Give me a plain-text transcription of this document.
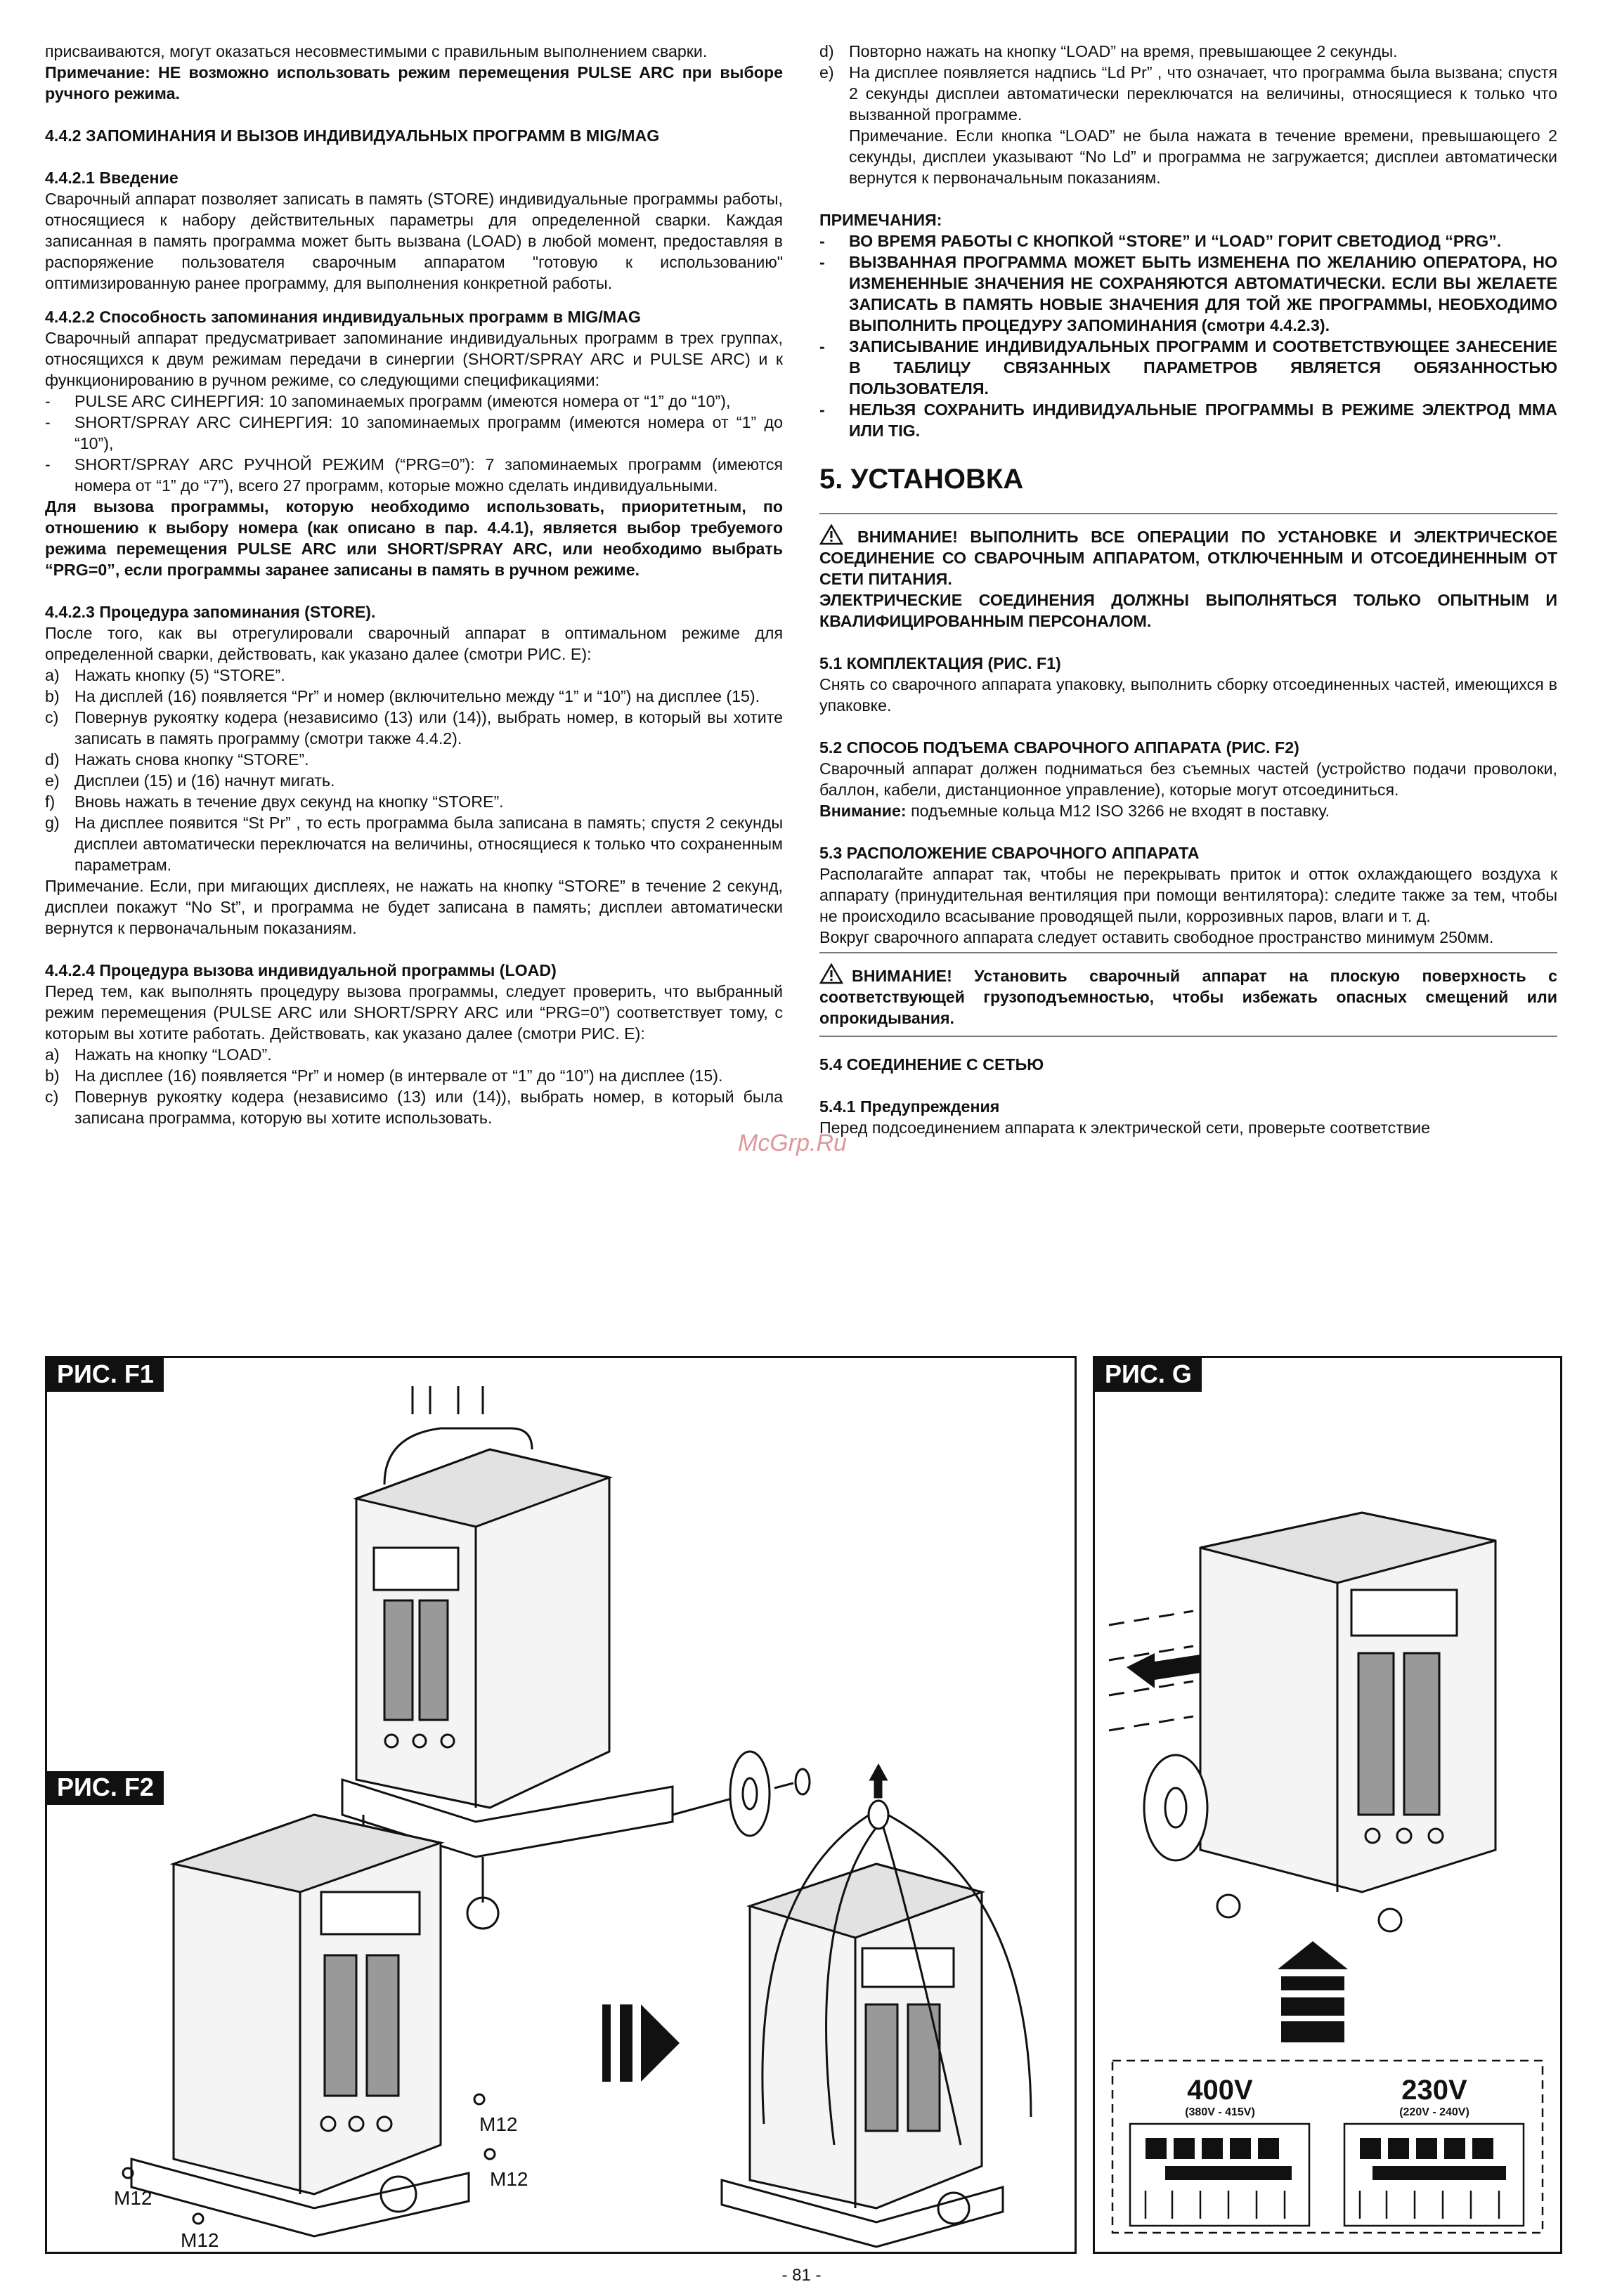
присваиваются, могут оказаться несовместимыми с правильным выполнением сварки.

Примечание: НЕ возможно использовать режим перемещения PULSE ARC при выборе ручного режима.

4.4.2 ЗАПОМИНАНИЯ И ВЫЗОВ ИНДИВИДУАЛЬНЫХ ПРОГРАММ В MIG/MAG

4.4.2.1 Введение

Сварочный аппарат позволяет записать в память (STORE) индивидуальные программы работы, относящиеся к набору действительных параметры для определенной сварки. Каждая записанная в память программа может быть вызвана (LOAD) в любой момент, предоставляя в распоряжение пользователя сварочным аппаратом "готовую к использованию" оптимизированную ранее программу, для выполнения конкретной работы.

4.4.2.2 Способность запоминания индивидуальных программ в MIG/MAG

Сварочный аппарат предусматривает запоминание индивидуальных программ в трех группах, относящихся к двум режимам передачи в синергии (SHORT/SPRAY ARC и PULSE ARC) и к функционированию в ручном режиме, со следующими спецификациями:

-	PULSE ARC СИНЕРГИЯ: 10 запоминаемых программ (имеются номера от “1” до “10”),
-	SHORT/SPRAY ARC СИНЕРГИЯ: 10 запоминаемых программ (имеются номера от “1” до “10”),
-	SHORT/SPRAY ARC РУЧНОЙ РЕЖИМ (“PRG=0”): 7 запоминаемых программ (имеются номера от “1” до “7”), всего 27 программ, которые можно сделать индивидуальными.

Для вызова программы, которую необходимо использовать, приоритетным, по отношению к выбору номера (как описано в пар. 4.4.1), является выбор требуемого режима перемещения PULSE ARC или SHORT/SPRAY ARC, или необходимо выбрать “PRG=0”, если программы заранее записаны в память в ручном режиме.

4.4.2.3 Процедура запоминания (STORE).

После того, как вы отрегулировали сварочный аппарат в оптимальном режиме для определенной сварки, действовать, как указано далее (смотри РИС. E):

a) Нажать кнопку (5) “STORE”.
b) На дисплей (16) появляется “Pr” и номер (включительно между “1” и “10”) на дисплее (15).
c) Повернув рукоятку кодера (независимо (13) или (14)), выбрать номер, в который вы хотите записать в память программу (смотри также 4.4.2).
d) Нажать снова кнопку “STORE”.
e) Дисплеи (15) и (16) начнут мигать.
f)	Вновь нажать в течение двух секунд на кнопку “STORE”.
g) На дисплее появится “St Pr” , то есть программа была записана в память; спустя 2 секунды дисплеи автоматически переключатся на величины, относящиеся к только что сохраненным параметрам.

Примечание. Если, при мигающих дисплеях, не нажать на кнопку “STORE” в течение 2 секунд, дисплеи покажут “No St”, и программа не будет записана в память; дисплеи автоматически вернутся к первоначальным показаниям.

4.4.2.4 Процедура вызова индивидуальной программы (LOAD)

Перед тем, как выполнять процедуру вызова программы, следует проверить, что выбранный режим перемещения (PULSE ARC или SHORT/SPRY ARC или “PRG=0”) соответствует тому, с которым вы хотите работать. Действовать, как указано далее (смотри РИС. E):

a) Нажать на кнопку “LOAD”.
b) На дисплее (16) появляется “Pr” и номер (в интервале от “1” до “10”) на дисплее (15).
c) Повернув рукоятку кодера (независимо (13) или (14)), выбрать номер, в который была записана программа, которую вы хотите использовать.
d) Повторно нажать на кнопку “LOAD” на время, превышающее 2 секунды.
e) На дисплее появляется надпись “Ld Pr” , что означает, что программа была вызвана; спустя 2 секунды дисплеи автоматически переключатся на величины, относящиеся к только что вызванной программе.

Примечание. Если кнопка “LOAD” не была нажата в течение времени, превышающего 2 секунды, дисплеи указывают “No Ld” и программа не загружается; дисплеи автоматически вернутся к первоначальным показаниям.

ПРИМЕЧАНИЯ:

-	ВО ВРЕМЯ РАБОТЫ С КНОПКОЙ “STORE” И “LOAD” ГОРИТ СВЕТОДИОД “PRG”.
-	ВЫЗВАННАЯ ПРОГРАММА МОЖЕТ БЫТЬ ИЗМЕНЕНА ПО ЖЕЛАНИЮ ОПЕРАТОРА, НО ИЗМЕНЕННЫЕ ЗНАЧЕНИЯ НЕ СОХРАНЯЮТСЯ АВТОМАТИЧЕСКИ. ЕСЛИ ВЫ ЖЕЛАЕТЕ ЗАПИСАТЬ В ПАМЯТЬ НОВЫЕ ЗНАЧЕНИЯ ДЛЯ ТОЙ ЖЕ ПРОГРАММЫ, НЕОБХОДИМО ВЫПОЛНИТЬ ПРОЦЕДУРУ ЗАПОМИНАНИЯ (смотри 4.4.2.3).
-	ЗАПИСЫВАНИЕ ИНДИВИДУАЛЬНЫХ ПРОГРАММ И СООТВЕТСТВУЮЩЕЕ ЗАНЕСЕНИЕ В ТАБЛИЦУ СВЯЗАННЫХ ПАРАМЕТРОВ ЯВЛЯЕТСЯ ОБЯЗАННОСТЬЮ ПОЛЬЗОВАТЕЛЯ.
-	НЕЛЬЗЯ СОХРАНИТЬ ИНДИВИДУАЛЬНЫЕ ПРОГРАММЫ В РЕЖИМЕ ЭЛЕКТРОД MMA ИЛИ TIG.

5. УСТАНОВКА

ВНИМАНИЕ! ВЫПОЛНИТЬ ВСЕ ОПЕРАЦИИ ПО УСТАНОВКЕ И ЭЛЕКТРИЧЕСКОЕ СОЕДИНЕНИЕ СО СВАРОЧНЫМ АППАРАТОМ, ОТКЛЮЧЕННЫМ И ОТСОЕДИНЕННЫМ ОТ СЕТИ ПИТАНИЯ.

ЭЛЕКТРИЧЕСКИЕ СОЕДИНЕНИЯ ДОЛЖНЫ ВЫПОЛНЯТЬСЯ ТОЛЬКО ОПЫТНЫМ И КВАЛИФИЦИРОВАННЫМ ПЕРСОНАЛОМ.

5.1 КОМПЛЕКТАЦИЯ (РИС. F1)

Снять со сварочного аппарата упаковку, выполнить сборку отсоединенных частей, имеющихся в упаковке.

5.2 СПОСОБ ПОДЪЕМА СВАРОЧНОГО АППАРАТА (РИС. F2)

Сварочный аппарат должен подниматься без съемных частей (устройство подачи проволоки, баллон, кабели, дистанционное управление), которые могут отсоединиться.

Внимание: подъемные кольца M12 ISO 3266 не входят в поставку.

5.3 РАСПОЛОЖЕНИЕ СВАРОЧНОГО АППАРАТА

Располагайте аппарат так, чтобы не перекрывать приток и отток охлаждающего воздуха к аппарату (принудительная вентиляция при помощи вентилятора): следите также за тем, чтобы не происходило всасывание проводящей пыли, коррозивных паров, влаги и т. д.

Вокруг сварочного аппарата следует оставить свободное пространство минимум 250мм.

ВНИМАНИЕ! Установить сварочный аппарат на плоскую поверхность с соответствующей грузоподъемностью, чтобы избежать опасных смещений или опрокидывания.

5.4 СОЕДИНЕНИЕ С СЕТЬЮ

5.4.1 Предупреждения

Перед подсоединением аппарата к электрической сети, проверьте соответствие

McGrp.Ru
РИС. F1
РИС. F2
M12
M12
M12
M12
РИС. G
400V
(380V - 415V)
230V
(220V - 240V)
- 81 -
